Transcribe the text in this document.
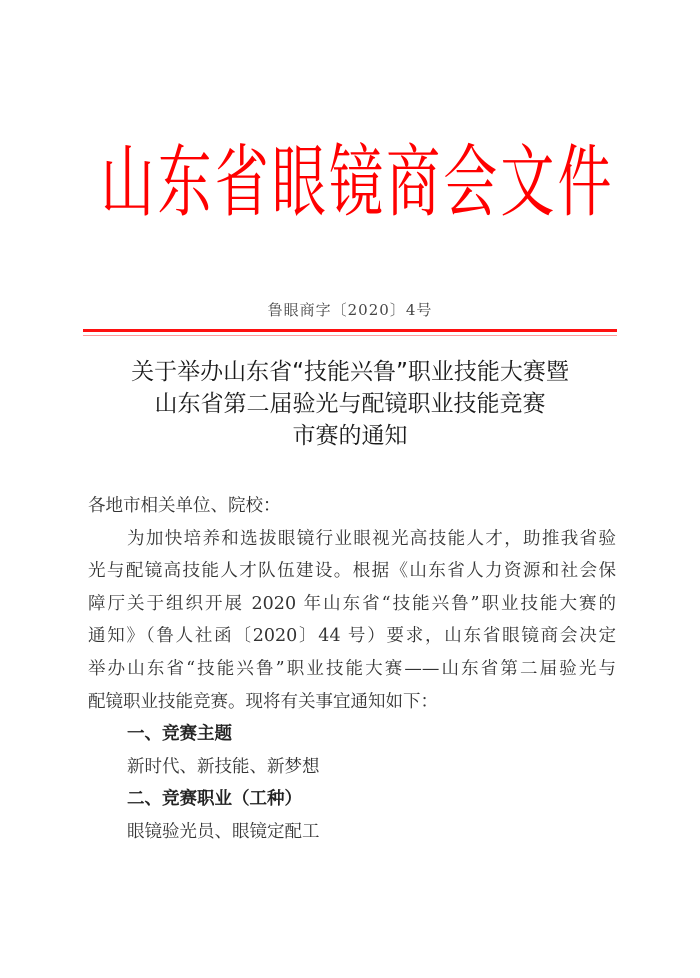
山 东 省 眼 镜 商 会 文 件
鲁眼商字〔2020〕4号
关于举办山东省“技能兴鲁”职业技能大赛暨
山东省第二届验光与配镜职业技能竞赛
市赛的通知
各地市相关单位、院校：
为加快培养和选拔眼镜行业眼视光高技能人才，助推我省验
光与配镜高技能人才队伍建设。根据《山东省人力资源和社会保
障厅关于组织开展 2020 年山东省“技能兴鲁”职业技能大赛的
通知》（鲁人社函〔2020〕44 号）要求，山东省眼镜商会决定
举办山东省“技能兴鲁”职业技能大赛——山东省第二届验光与
配镜职业技能竞赛。现将有关事宜通知如下：
一、竞赛主题
新时代、新技能、新梦想
二、竞赛职业（工种）
眼镜验光员、眼镜定配工
